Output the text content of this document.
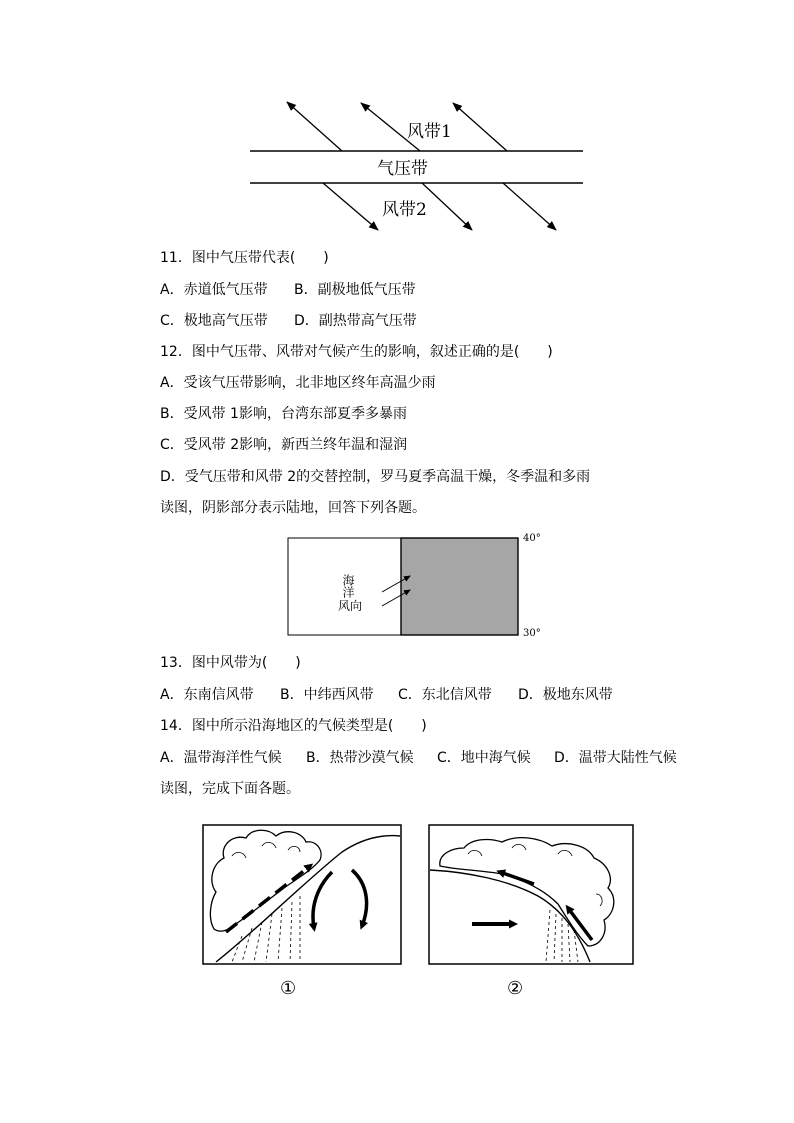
风带1
气压带
风带2
11．图中气压带代表(　　)
A．赤道低气压带 B．副极地低气压带
C．极地高气压带 D．副热带高气压带
12．图中气压带、风带对气候产生的影响，叙述正确的是(　　)
A．受该气压带影响，北非地区终年高温少雨
B．受风带 1影响，台湾东部夏季多暴雨
C．受风带 2影响，新西兰终年温和湿润
D．受气压带和风带 2的交替控制，罗马夏季高温干燥，冬季温和多雨
读图，阴影部分表示陆地，回答下列各题。
海洋
风向
40°
30°
13．图中风带为(　　)
A．东南信风带 B．中纬西风带 C．东北信风带 D．极地东风带
14．图中所示沿海地区的气候类型是(　　)
A．温带海洋性气候 B．热带沙漠气候 C．地中海气候 D．温带大陆性气候
读图，完成下面各题。
①	②
